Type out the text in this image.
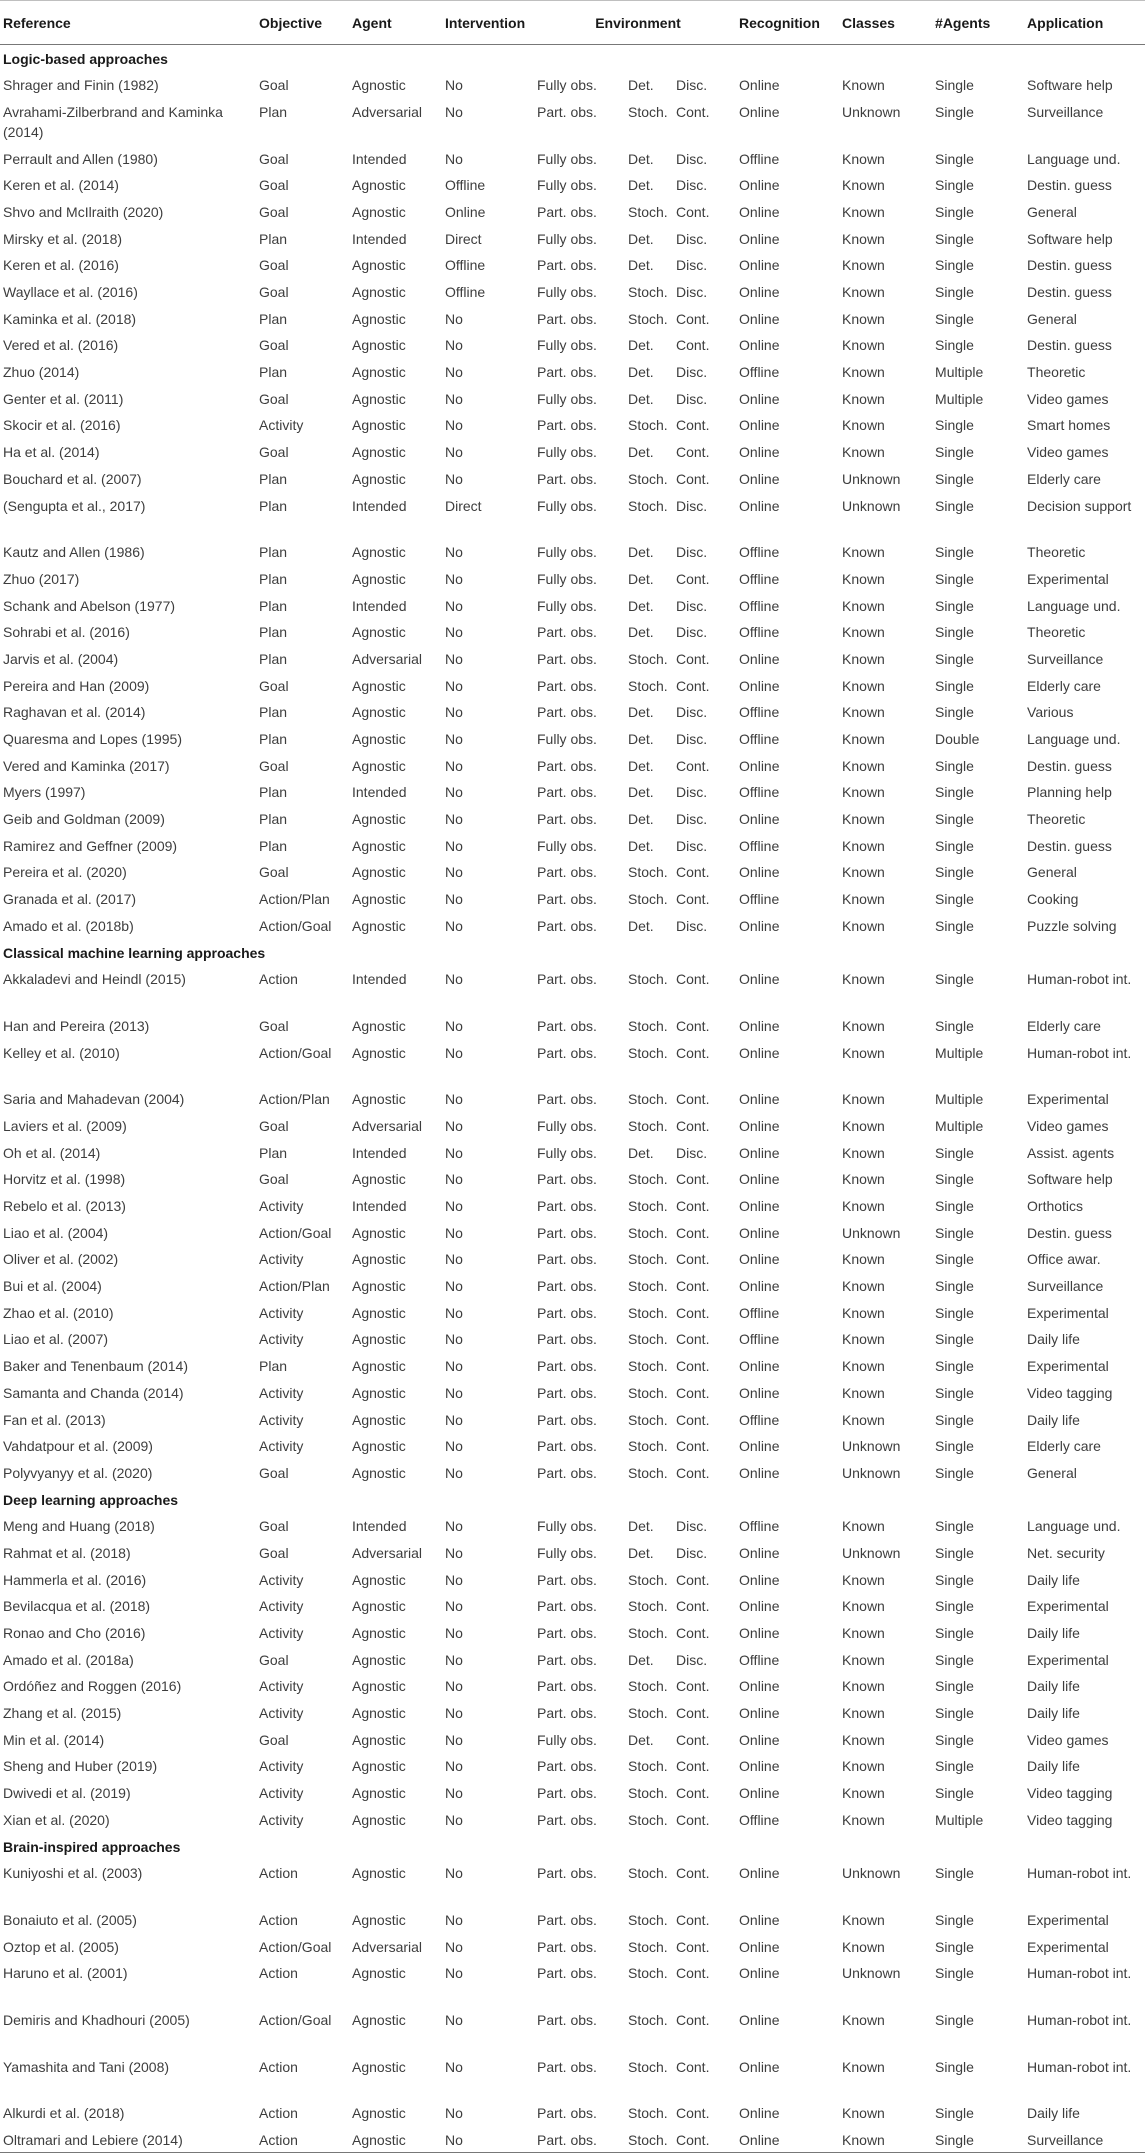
Reference	Objective	Agent	Intervention	Environment			Recognition	Classes	#Agents	Application
Logic-based approaches										
Shrager and Finin (1982)	Goal	Agnostic	No	Fully obs.	Det.	Disc.	Online	Known	Single	Software help
Avrahami-Zilberbrand and Kaminka (2014)	Plan	Adversarial	No	Part. obs.	Stoch.	Cont.	Online	Unknown	Single	Surveillance
Perrault and Allen (1980)	Goal	Intended	No	Fully obs.	Det.	Disc.	Offline	Known	Single	Language und.
Keren et al. (2014)	Goal	Agnostic	Offline	Fully obs.	Det.	Disc.	Online	Known	Single	Destin. guess
Shvo and McIlraith (2020)	Goal	Agnostic	Online	Part. obs.	Stoch.	Cont.	Online	Known	Single	General
Mirsky et al. (2018)	Plan	Intended	Direct	Fully obs.	Det.	Disc.	Online	Known	Single	Software help
Keren et al. (2016)	Goal	Agnostic	Offline	Part. obs.	Det.	Disc.	Online	Known	Single	Destin. guess
Wayllace et al. (2016)	Goal	Agnostic	Offline	Fully obs.	Stoch.	Disc.	Online	Known	Single	Destin. guess
Kaminka et al. (2018)	Plan	Agnostic	No	Part. obs.	Stoch.	Cont.	Online	Known	Single	General
Vered et al. (2016)	Goal	Agnostic	No	Fully obs.	Det.	Cont.	Online	Known	Single	Destin. guess
Zhuo (2014)	Plan	Agnostic	No	Part. obs.	Det.	Disc.	Offline	Known	Multiple	Theoretic
Genter et al. (2011)	Goal	Agnostic	No	Fully obs.	Det.	Disc.	Online	Known	Multiple	Video games
Skocir et al. (2016)	Activity	Agnostic	No	Part. obs.	Stoch.	Cont.	Online	Known	Single	Smart homes
Ha et al. (2014)	Goal	Agnostic	No	Fully obs.	Det.	Cont.	Online	Known	Single	Video games
Bouchard et al. (2007)	Plan	Agnostic	No	Part. obs.	Stoch.	Cont.	Online	Unknown	Single	Elderly care
(Sengupta et al., 2017)	Plan	Intended	Direct	Fully obs.	Stoch.	Disc.	Online	Unknown	Single	Decision support
Kautz and Allen (1986)	Plan	Agnostic	No	Fully obs.	Det.	Disc.	Offline	Known	Single	Theoretic
Zhuo (2017)	Plan	Agnostic	No	Fully obs.	Det.	Cont.	Offline	Known	Single	Experimental
Schank and Abelson (1977)	Plan	Intended	No	Fully obs.	Det.	Disc.	Offline	Known	Single	Language und.
Sohrabi et al. (2016)	Plan	Agnostic	No	Part. obs.	Det.	Disc.	Offline	Known	Single	Theoretic
Jarvis et al. (2004)	Plan	Adversarial	No	Part. obs.	Stoch.	Cont.	Online	Known	Single	Surveillance
Pereira and Han (2009)	Goal	Agnostic	No	Part. obs.	Stoch.	Cont.	Online	Known	Single	Elderly care
Raghavan et al. (2014)	Plan	Agnostic	No	Part. obs.	Det.	Disc.	Offline	Known	Single	Various
Quaresma and Lopes (1995)	Plan	Agnostic	No	Fully obs.	Det.	Disc.	Offline	Known	Double	Language und.
Vered and Kaminka (2017)	Goal	Agnostic	No	Part. obs.	Det.	Cont.	Online	Known	Single	Destin. guess
Myers (1997)	Plan	Intended	No	Part. obs.	Det.	Disc.	Offline	Known	Single	Planning help
Geib and Goldman (2009)	Plan	Agnostic	No	Part. obs.	Det.	Disc.	Online	Known	Single	Theoretic
Ramirez and Geffner (2009)	Plan	Agnostic	No	Fully obs.	Det.	Disc.	Offline	Known	Single	Destin. guess
Pereira et al. (2020)	Goal	Agnostic	No	Part. obs.	Stoch.	Cont.	Online	Known	Single	General
Granada et al. (2017)	Action/Plan	Agnostic	No	Part. obs.	Stoch.	Cont.	Offline	Known	Single	Cooking
Amado et al. (2018b)	Action/Goal	Agnostic	No	Part. obs.	Det.	Disc.	Online	Known	Single	Puzzle solving
Classical machine learning approaches										
Akkaladevi and Heindl (2015)	Action	Intended	No	Part. obs.	Stoch.	Cont.	Online	Known	Single	Human-robot int.
Han and Pereira (2013)	Goal	Agnostic	No	Part. obs.	Stoch.	Cont.	Online	Known	Single	Elderly care
Kelley et al. (2010)	Action/Goal	Agnostic	No	Part. obs.	Stoch.	Cont.	Online	Known	Multiple	Human-robot int.
Saria and Mahadevan (2004)	Action/Plan	Agnostic	No	Part. obs.	Stoch.	Cont.	Online	Known	Multiple	Experimental
Laviers et al. (2009)	Goal	Adversarial	No	Fully obs.	Stoch.	Cont.	Online	Known	Multiple	Video games
Oh et al. (2014)	Plan	Intended	No	Fully obs.	Det.	Disc.	Online	Known	Single	Assist. agents
Horvitz et al. (1998)	Goal	Agnostic	No	Part. obs.	Stoch.	Cont.	Online	Known	Single	Software help
Rebelo et al. (2013)	Activity	Intended	No	Part. obs.	Stoch.	Cont.	Online	Known	Single	Orthotics
Liao et al. (2004)	Action/Goal	Agnostic	No	Part. obs.	Stoch.	Cont.	Online	Unknown	Single	Destin. guess
Oliver et al. (2002)	Activity	Agnostic	No	Part. obs.	Stoch.	Cont.	Online	Known	Single	Office awar.
Bui et al. (2004)	Action/Plan	Agnostic	No	Part. obs.	Stoch.	Cont.	Online	Known	Single	Surveillance
Zhao et al. (2010)	Activity	Agnostic	No	Part. obs.	Stoch.	Cont.	Offline	Known	Single	Experimental
Liao et al. (2007)	Activity	Agnostic	No	Part. obs.	Stoch.	Cont.	Offline	Known	Single	Daily life
Baker and Tenenbaum (2014)	Plan	Agnostic	No	Part. obs.	Stoch.	Cont.	Online	Known	Single	Experimental
Samanta and Chanda (2014)	Activity	Agnostic	No	Part. obs.	Stoch.	Cont.	Online	Known	Single	Video tagging
Fan et al. (2013)	Activity	Agnostic	No	Part. obs.	Stoch.	Cont.	Offline	Known	Single	Daily life
Vahdatpour et al. (2009)	Activity	Agnostic	No	Part. obs.	Stoch.	Cont.	Online	Unknown	Single	Elderly care
Polyvyanyy et al. (2020)	Goal	Agnostic	No	Part. obs.	Stoch.	Cont.	Online	Unknown	Single	General
Deep learning approaches										
Meng and Huang (2018)	Goal	Intended	No	Fully obs.	Det.	Disc.	Offline	Known	Single	Language und.
Rahmat et al. (2018)	Goal	Adversarial	No	Fully obs.	Det.	Disc.	Online	Unknown	Single	Net. security
Hammerla et al. (2016)	Activity	Agnostic	No	Part. obs.	Stoch.	Cont.	Online	Known	Single	Daily life
Bevilacqua et al. (2018)	Activity	Agnostic	No	Part. obs.	Stoch.	Cont.	Online	Known	Single	Experimental
Ronao and Cho (2016)	Activity	Agnostic	No	Part. obs.	Stoch.	Cont.	Online	Known	Single	Daily life
Amado et al. (2018a)	Goal	Agnostic	No	Part. obs.	Det.	Disc.	Offline	Known	Single	Experimental
Ordóñez and Roggen (2016)	Activity	Agnostic	No	Part. obs.	Stoch.	Cont.	Online	Known	Single	Daily life
Zhang et al. (2015)	Activity	Agnostic	No	Part. obs.	Stoch.	Cont.	Online	Known	Single	Daily life
Min et al. (2014)	Goal	Agnostic	No	Fully obs.	Det.	Cont.	Online	Known	Single	Video games
Sheng and Huber (2019)	Activity	Agnostic	No	Part. obs.	Stoch.	Cont.	Online	Known	Single	Daily life
Dwivedi et al. (2019)	Activity	Agnostic	No	Part. obs.	Stoch.	Cont.	Online	Known	Single	Video tagging
Xian et al. (2020)	Activity	Agnostic	No	Part. obs.	Stoch.	Cont.	Offline	Known	Multiple	Video tagging
Brain-inspired approaches										
Kuniyoshi et al. (2003)	Action	Agnostic	No	Part. obs.	Stoch.	Cont.	Online	Unknown	Single	Human-robot int.
Bonaiuto et al. (2005)	Action	Agnostic	No	Part. obs.	Stoch.	Cont.	Online	Known	Single	Experimental
Oztop et al. (2005)	Action/Goal	Adversarial	No	Part. obs.	Stoch.	Cont.	Online	Known	Single	Experimental
Haruno et al. (2001)	Action	Agnostic	No	Part. obs.	Stoch.	Cont.	Online	Unknown	Single	Human-robot int.
Demiris and Khadhouri (2005)	Action/Goal	Agnostic	No	Part. obs.	Stoch.	Cont.	Online	Known	Single	Human-robot int.
Yamashita and Tani (2008)	Action	Agnostic	No	Part. obs.	Stoch.	Cont.	Online	Known	Single	Human-robot int.
Alkurdi et al. (2018)	Action	Agnostic	No	Part. obs.	Stoch.	Cont.	Online	Known	Single	Daily life
Oltramari and Lebiere (2014)	Action	Agnostic	No	Part. obs.	Stoch.	Cont.	Online	Known	Single	Surveillance
